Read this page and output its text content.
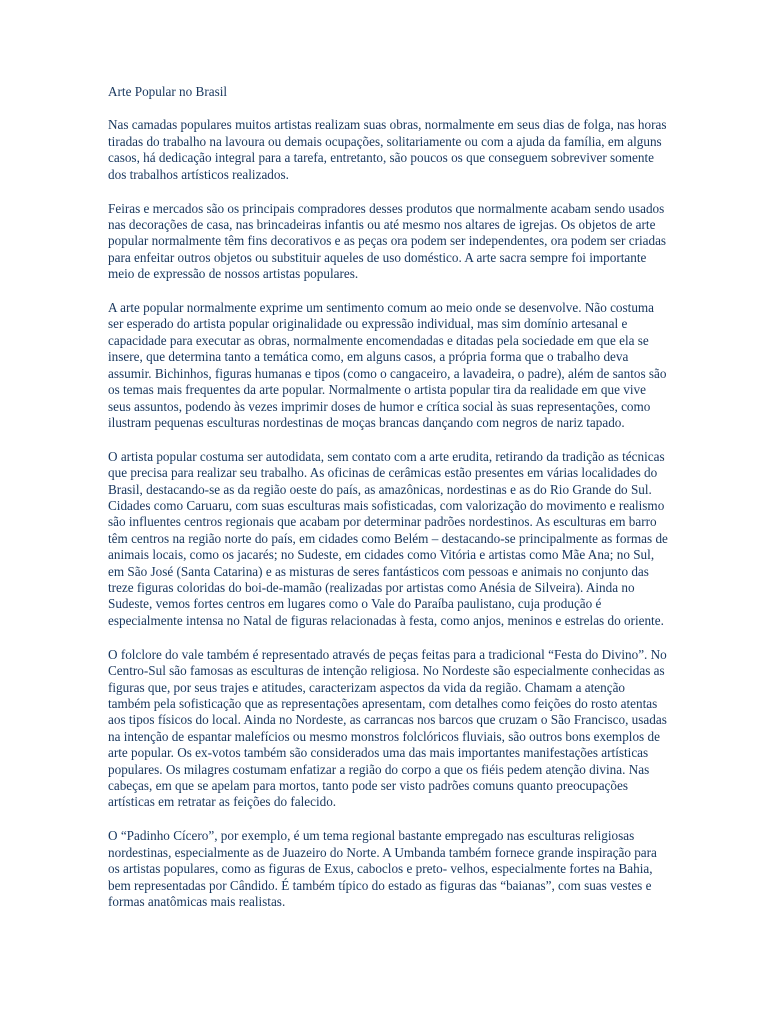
Arte Popular no Brasil

Nas camadas populares muitos artistas realizam suas obras, normalmente em seus dias de folga, nas horas tiradas do trabalho na lavoura ou demais ocupações, solitariamente ou com a ajuda da família, em alguns casos, há dedicação integral para a tarefa, entretanto, são poucos os que conseguem sobreviver somente dos trabalhos artísticos realizados.

Feiras e mercados são os principais compradores desses produtos que normalmente acabam sendo usados nas decorações de casa, nas brincadeiras infantis ou até mesmo nos altares de igrejas. Os objetos de arte popular normalmente têm fins decorativos e as peças ora podem ser independentes, ora podem ser criadas para enfeitar outros objetos ou substituir aqueles de uso doméstico. A arte sacra sempre foi importante meio de expressão de nossos artistas populares.

A arte popular normalmente exprime um sentimento comum ao meio onde se desenvolve. Não costuma ser esperado do artista popular originalidade ou expressão individual, mas sim domínio artesanal e capacidade para executar as obras, normalmente encomendadas e ditadas pela sociedade em que ela se insere, que determina tanto a temática como, em alguns casos, a própria forma que o trabalho deva assumir. Bichinhos, figuras humanas e tipos (como o cangaceiro, a lavadeira, o padre), além de santos são os temas mais frequentes da arte popular. Normalmente o artista popular tira da realidade em que vive seus assuntos, podendo às vezes imprimir doses de humor e crítica social às suas representações, como ilustram pequenas esculturas nordestinas de moças brancas dançando com negros de nariz tapado.

O artista popular costuma ser autodidata, sem contato com a arte erudita, retirando da tradição as técnicas que precisa para realizar seu trabalho. As oficinas de cerâmicas estão presentes em várias localidades do Brasil, destacando-se as da região oeste do país, as amazônicas, nordestinas e as do Rio Grande do Sul. Cidades como Caruaru, com suas esculturas mais sofisticadas, com valorização do movimento e realismo são influentes centros regionais que acabam por determinar padrões nordestinos. As esculturas em barro têm centros na região norte do país, em cidades como Belém – destacando-se principalmente as formas de animais locais, como os jacarés; no Sudeste, em cidades como Vitória e artistas como Mãe Ana; no Sul, em São José (Santa Catarina) e as misturas de seres fantásticos com pessoas e animais no conjunto das treze figuras coloridas do boi-de-mamão (realizadas por artistas como Anésia de Silveira). Ainda no Sudeste, vemos fortes centros em lugares como o Vale do Paraíba paulistano, cuja produção é especialmente intensa no Natal de figuras relacionadas à festa, como anjos, meninos e estrelas do oriente.

O folclore do vale também é representado através de peças feitas para a tradicional “Festa do Divino”. No Centro-Sul são famosas as esculturas de intenção religiosa. No Nordeste são especialmente conhecidas as figuras que, por seus trajes e atitudes, caracterizam aspectos da vida da região. Chamam a atenção também pela sofisticação que as representações apresentam, com detalhes como feições do rosto atentas aos tipos físicos do local. Ainda no Nordeste, as carrancas nos barcos que cruzam o São Francisco, usadas na intenção de espantar malefícios ou mesmo monstros folclóricos fluviais, são outros bons exemplos de arte popular. Os ex-votos também são considerados uma das mais importantes manifestações artísticas populares. Os milagres costumam enfatizar a região do corpo a que os fiéis pedem atenção divina. Nas cabeças, em que se apelam para mortos, tanto pode ser visto padrões comuns quanto preocupações artísticas em retratar as feições do falecido.

O “Padinho Cícero”, por exemplo, é um tema regional bastante empregado nas esculturas religiosas nordestinas, especialmente as de Juazeiro do Norte. A Umbanda também fornece grande inspiração para os artistas populares, como as figuras de Exus, caboclos e preto- velhos, especialmente fortes na Bahia, bem representadas por Cândido. É também típico do estado as figuras das “baianas”, com suas vestes e formas anatômicas mais realistas.
